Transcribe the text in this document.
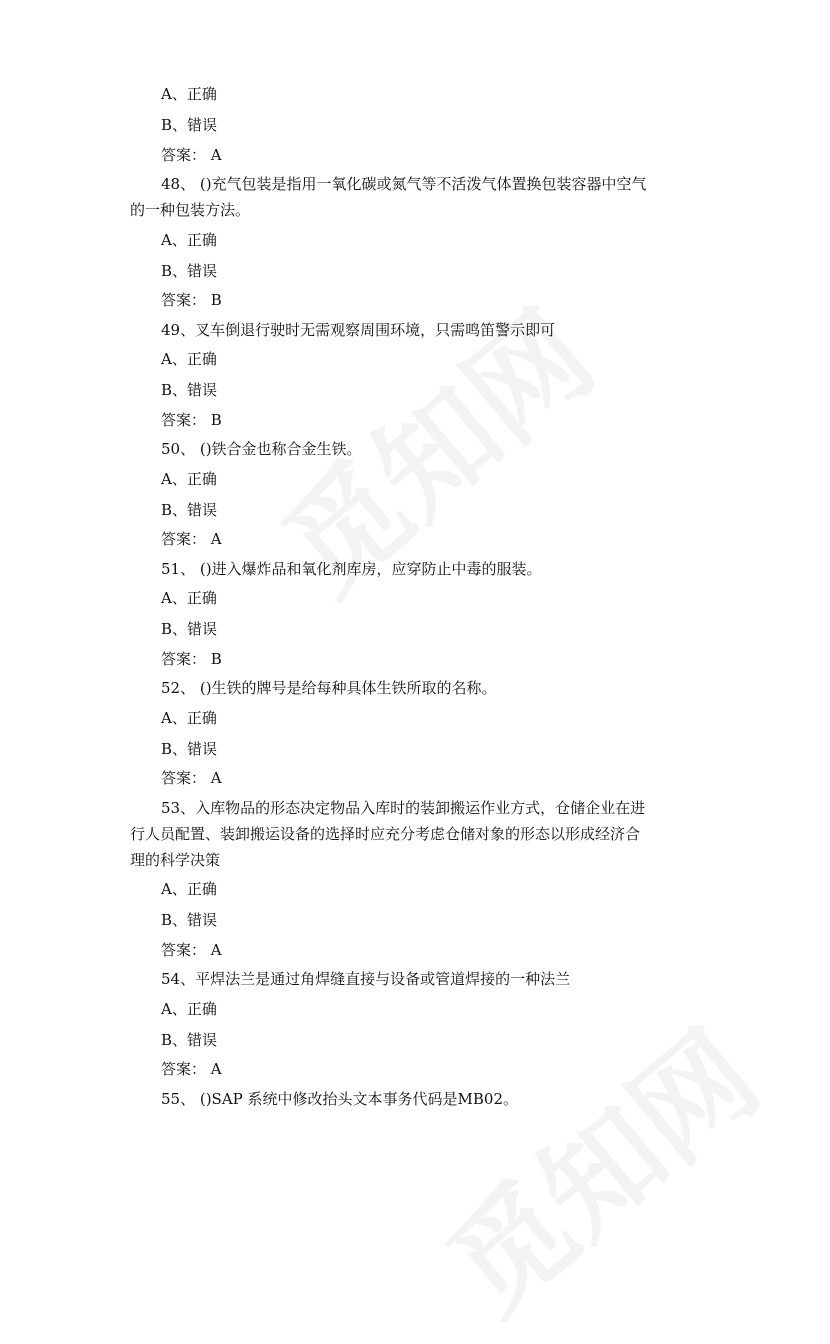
A、正确
B、错误
答案： A
48、 ()充气包装是指用一氧化碳或氮气等不活泼气体置换包装容器中空气
的一种包装方法。
A、正确
B、错误
答案： B
49、叉车倒退行驶时无需观察周围环境，只需鸣笛警示即可
A、正确
B、错误
答案： B
50、 ()铁合金也称合金生铁。
A、正确
B、错误
答案： A
51、 ()进入爆炸品和氧化剂库房，应穿防止中毒的服装。
A、正确
B、错误
答案： B
52、 ()生铁的牌号是给每种具体生铁所取的名称。
A、正确
B、错误
答案： A
53、入库物品的形态决定物品入库时的装卸搬运作业方式，仓储企业在进
行人员配置、装卸搬运设备的选择时应充分考虑仓储对象的形态以形成经济合
理的科学决策
A、正确
B、错误
答案： A
54、平焊法兰是通过角焊缝直接与设备或管道焊接的一种法兰
A、正确
B、错误
答案： A
55、 ()SAP 系统中修改抬头文本事务代码是MB02。
